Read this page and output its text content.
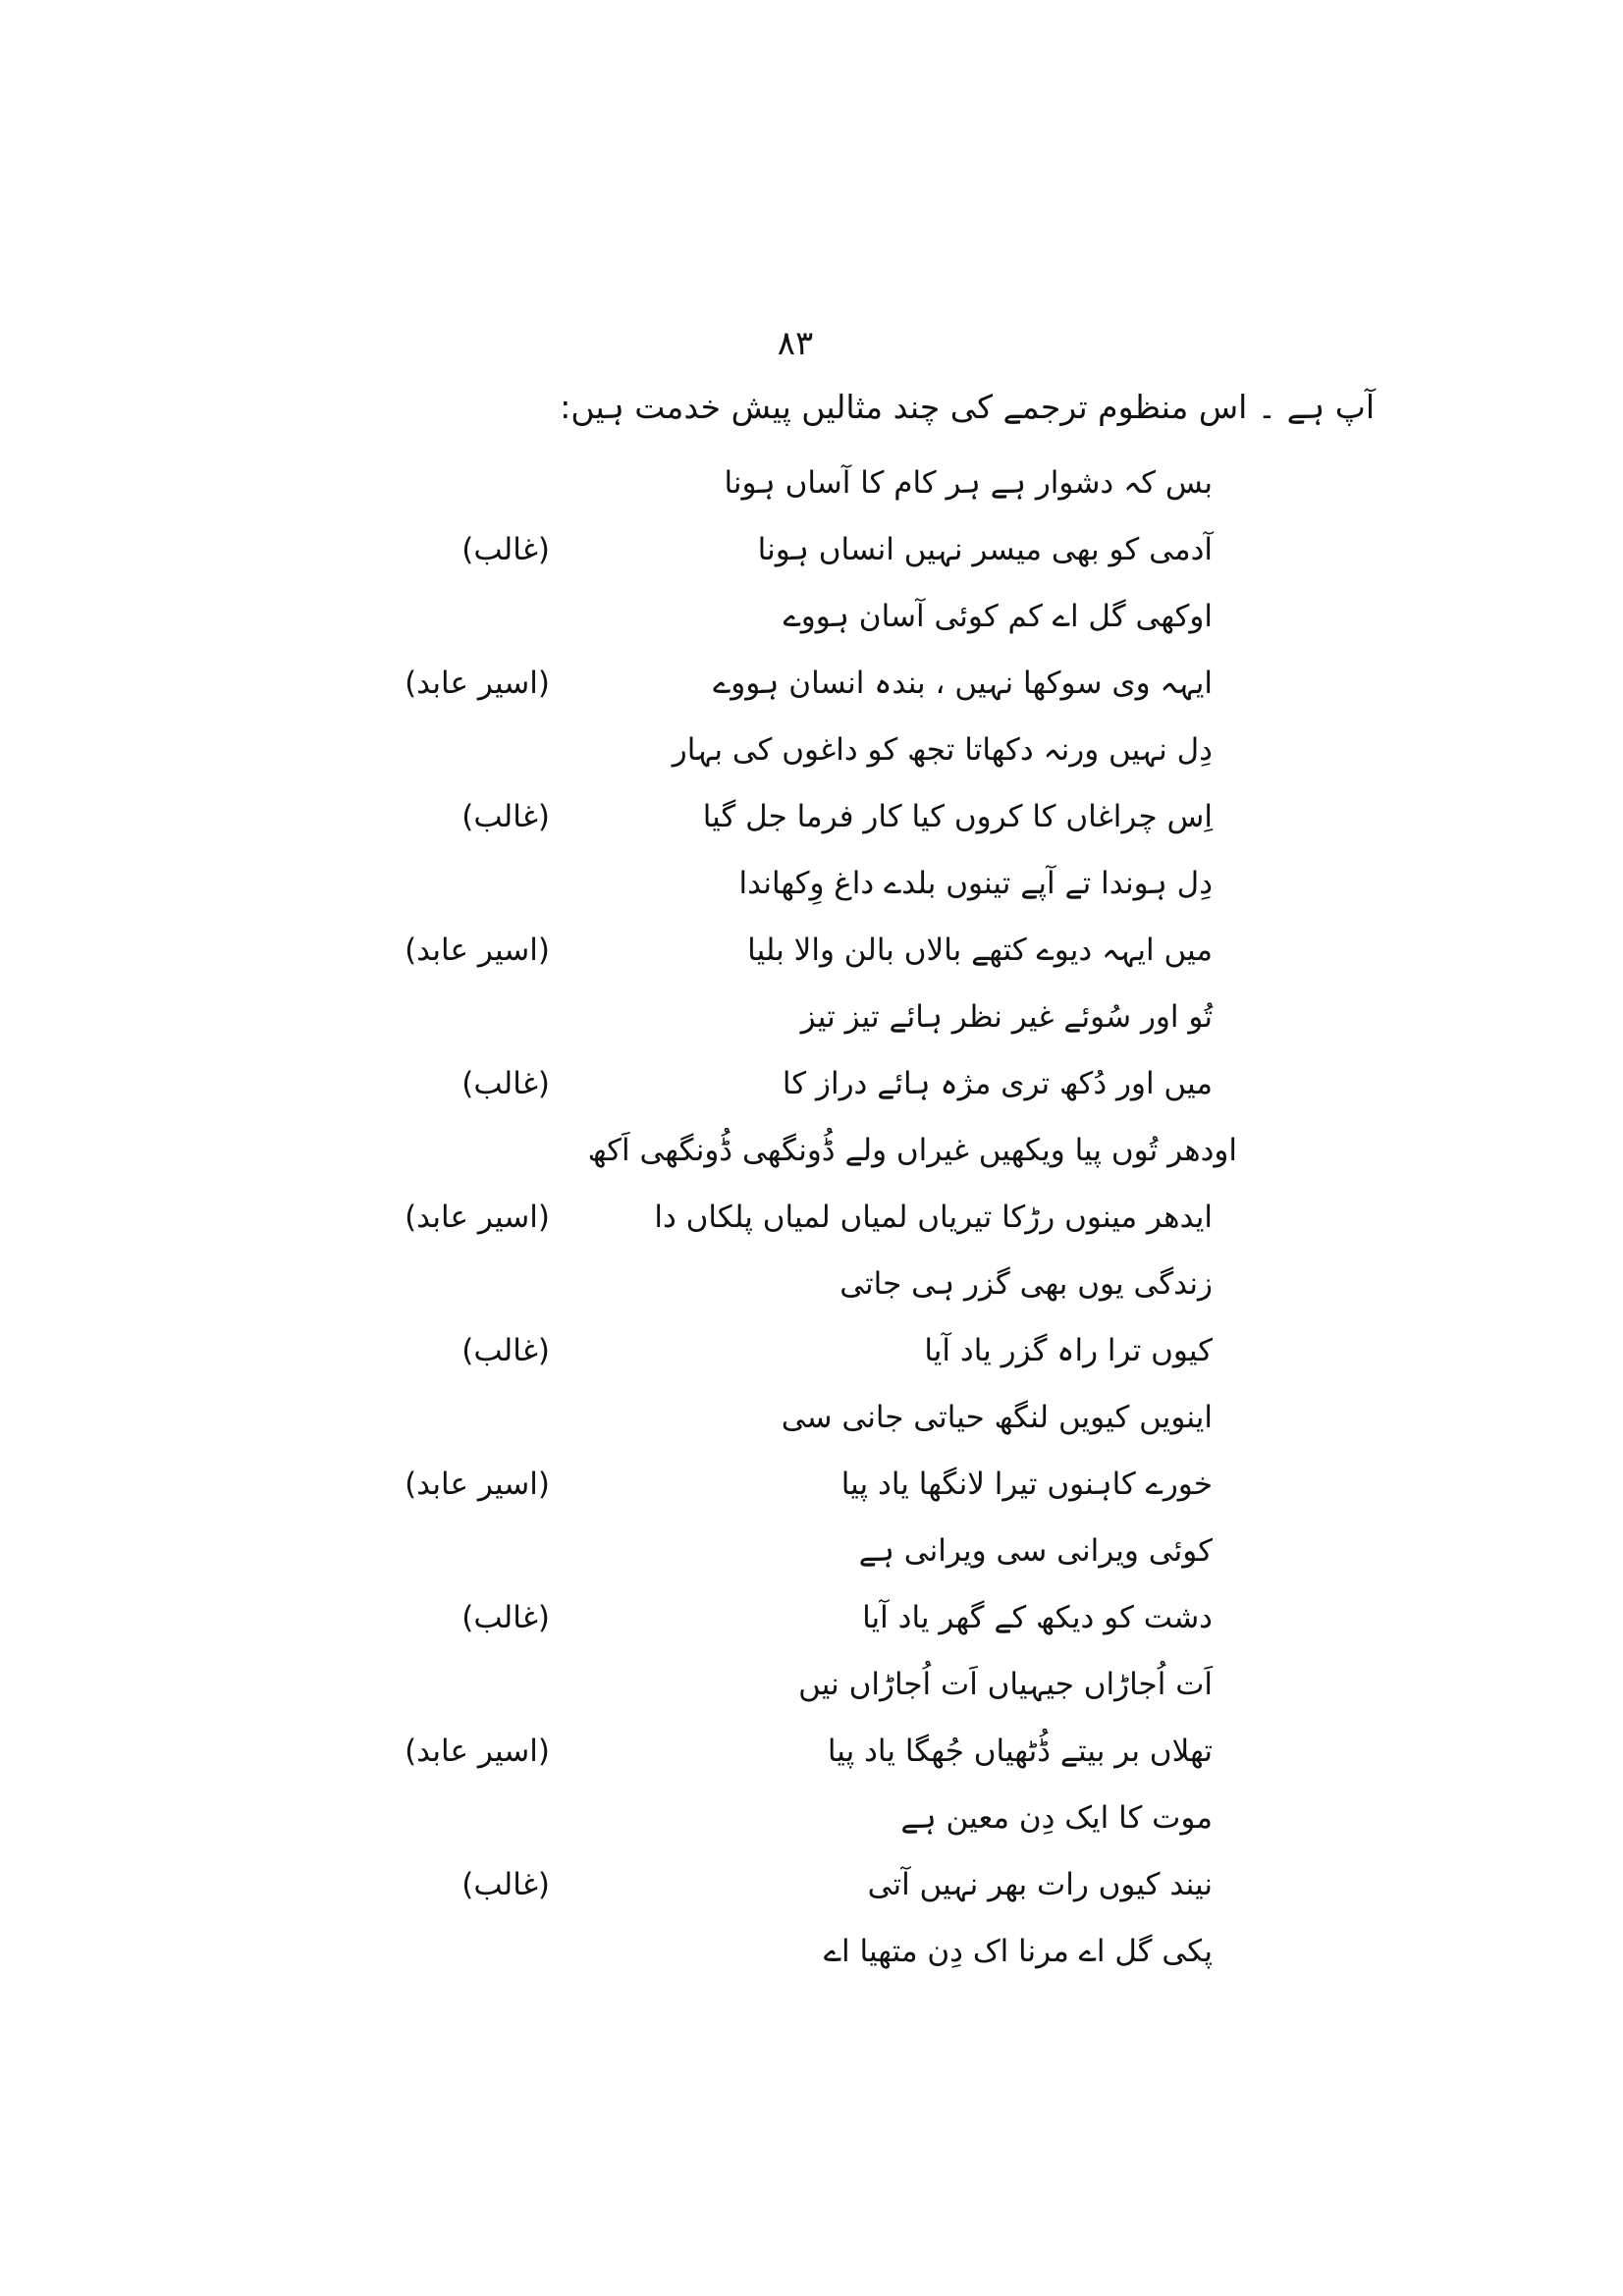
۸۳
آپ ہے ۔ اس منظوم ترجمے کی چند مثالیں پیش خدمت ہیں:
بس کہ دشوار ہے ہر کام کا آساں ہونا
آدمی کو بھی میسر نہیں انساں ہونا
(غالب)
اوکھی گل اے کم کوئی آسان ہووے
ایہہ وی سوکھا نہیں ، بندہ انسان ہووے
(اسیر عابد)
دِل نہیں ورنہ دکھاتا تجھ کو داغوں کی بہار
اِس چراغاں کا کروں کیا کار فرما جل گیا
(غالب)
دِل ہوندا تے آپے تینوں بلدے داغ وِکھاندا
میں ایہہ دیوے کتھے بالاں بالن والا بلیا
(اسیر عابد)
تُو اور سُوئے غیر نظر ہائے تیز تیز
میں اور دُکھ تری مژہ ہائے دراز کا
(غالب)
اودھر تُوں پیا ویکھیں غیراں ولے ڈُونگھی ڈُونگھی اَکھ
ایدھر مینوں رڑکا تیریاں لمیاں لمیاں پلکاں دا
(اسیر عابد)
زندگی یوں بھی گزر ہی جاتی
کیوں ترا راہ گزر یاد آیا
(غالب)
اینویں کیویں لنگھ حیاتی جانی سی
خورے کاہنوں تیرا لانگھا یاد پیا
(اسیر عابد)
کوئی ویرانی سی ویرانی ہے
دشت کو دیکھ کے گھر یاد آیا
(غالب)
اَت اُجاڑاں جیہیاں اَت اُجاڑاں نیں
تھلاں بر بیتے ڈُٹھیاں جُھگا یاد پیا
(اسیر عابد)
موت کا ایک دِن معین ہے
نیند کیوں رات بھر نہیں آتی
(غالب)
پکی گل اے مرنا اک دِن متھیا اے
